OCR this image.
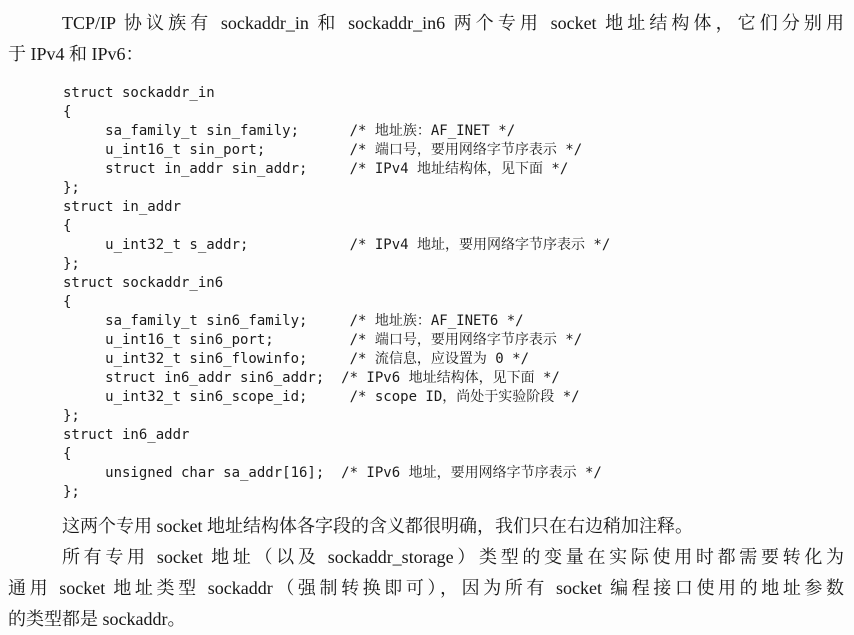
TCP/IP 协议族有 sockaddr_in 和 sockaddr_in6 两个专用 socket 地址结构体，它们分别用
于 IPv4 和 IPv6：

struct sockaddr_in
{
sa_family_t sin_family;      /* 地址族：AF_INET */
u_int16_t sin_port;          /* 端口号，要用网络字节序表示 */
struct in_addr sin_addr;     /* IPv4 地址结构体，见下面 */
};
struct in_addr
{
u_int32_t s_addr;            /* IPv4 地址，要用网络字节序表示 */
};
struct sockaddr_in6
{
sa_family_t sin6_family;     /* 地址族：AF_INET6 */
u_int16_t sin6_port;         /* 端口号，要用网络字节序表示 */
u_int32_t sin6_flowinfo;     /* 流信息，应设置为 0 */
struct in6_addr sin6_addr;  /* IPv6 地址结构体，见下面 */
u_int32_t sin6_scope_id;     /* scope ID，尚处于实验阶段 */
};
struct in6_addr
{
unsigned char sa_addr[16];  /* IPv6 地址，要用网络字节序表示 */
};

这两个专用 socket 地址结构体各字段的含义都很明确，我们只在右边稍加注释。

所有专用 socket 地址（以及 sockaddr_storage）类型的变量在实际使用时都需要转化为
通用 socket 地址类型 sockaddr（强制转换即可），因为所有 socket 编程接口使用的地址参数
的类型都是 sockaddr。
